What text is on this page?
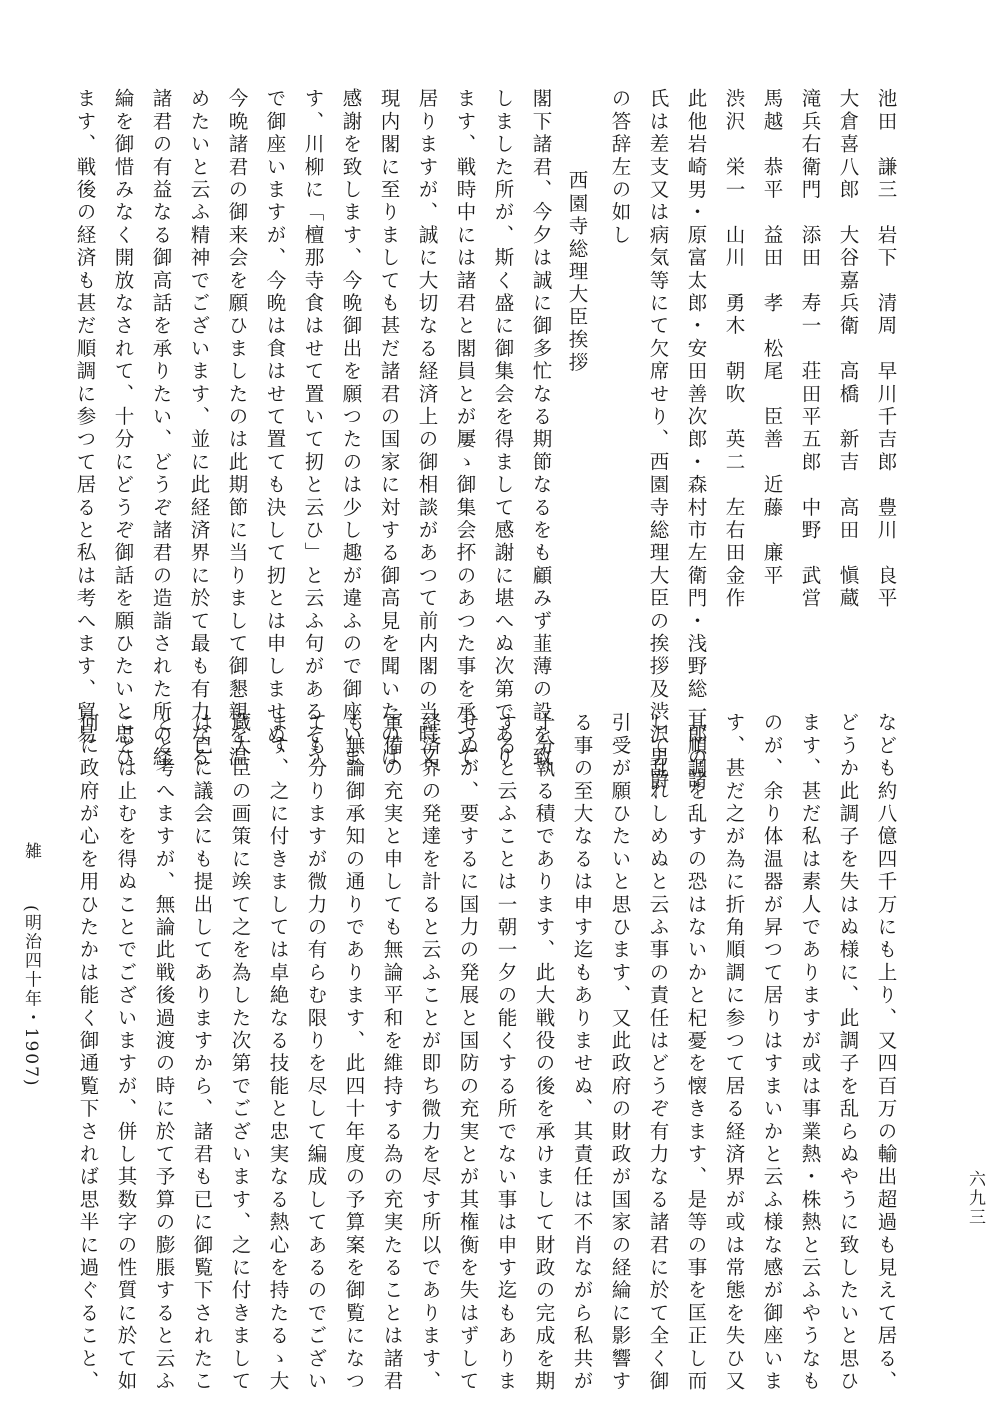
雑
(明治四十年・1907)
六九三
池田　謙三　岩下　清周　早川千吉郎　豊川　良平
大倉喜八郎　大谷嘉兵衛　高橋　新吉　高田　愼蔵
滝兵右衛門　添田　寿一　荘田平五郎　中野　武営
馬越　恭平　益田　孝　松尾　臣善　近藤　廉平
渋沢　栄一　山川　勇木　朝吹　英二　左右田金作
此他岩崎男・原富太郎・安田善次郎・森村市左衛門・浅野総一郎の諸
氏は差支又は病気等にて欠席せり、西園寺総理大臣の挨拶及渋沢男爵
の答辞左の如し
西園寺総理大臣挨拶
閣下諸君、今夕は誠に御多忙なる期節なるをも顧みず韮薄の設を致
しました所が、斯く盛に御集会を得まして感謝に堪へぬ次第であり
ます、戦時中には諸君と閣員とが屢ゝ御集会抔のあつた事を承つて
居りますが、誠に大切なる経済上の御相談があつて前内閣の当時又
現内閣に至りましても甚だ諸君の国家に対する御高見を聞いたのは
感謝を致します、今晩御出を願つたのは少し趣が違ふので御座いま
す、川柳に「檀那寺食はせて置いて扨と云ひ」と云ふ句があるそう
で御座いますが、今晩は食はせて置ても決して扨とは申しませぬ、
今晩諸君の御来会を願ひましたのは此期節に当りまして御懇親を温
めたいと云ふ精神でございます、並に此経済界に於て最も有力なる
諸君の有益なる御高話を承りたい、どうぞ諸君の造詣された所の経
綸を御惜みなく開放なされて、十分にどうぞ御話を願ひたいと思ひ
ます、戦後の経済も甚だ順調に参つて居ると私は考へます、貿易
なども約八億四千万にも上り、又四百万の輸出超過も見えて居る、
どうか此調子を失はぬ様に、此調子を乱らぬやうに致したいと思ひ
ます、甚だ私は素人でありますが或は事業熱・株熱と云ふやうなも
のが、余り体温器が昇つて居りはすまいかと云ふ様な感が御座いま
す、甚だ之が為に折角順調に参つて居る経済界が或は常態を失ひ又
其順調を乱すの恐はないかと杞憂を懐きます、是等の事を匡正し而
して乱れしめぬと云ふ事の責任はどうぞ有力なる諸君に於て全く御
引受が願ひたいと思ひます、又此政府の財政が国家の経綸に影響す
る事の至大なるは申す迄もありませぬ、其責任は不肖ながら私共が
十分執る積であります、此大戦役の後を承けまして財政の完成を期
すると云ふことは一朝一夕の能くする所でない事は申す迄もありま
せぬが、要するに国力の発展と国防の充実とが其権衡を失はずして
経済界の発達を計ると云ふことが即ち微力を尽す所以であります、
軍備の充実と申しても無論平和を維持する為の充実たることは諸君
も無論御承知の通りであります、此四十年度の予算案を御覧になつ
ても分りますが微力の有らむ限りを尽して編成してあるのでござい
ます、之に付きましては卓絶なる技能と忠実なる熱心を持たるゝ大
蔵大臣の画策に竢て之を為した次第でございます、之に付きまして
は已に議会にも提出してありますから、諸君も已に御覧下されたこ
とと考へますが、無論此戦後過渡の時に於て予算の膨脹すると云ふ
ことは止むを得ぬことでございますが、併し其数字の性質に於て如
何に政府が心を用ひたかは能く御通覧下されば思半に過ぐること、
